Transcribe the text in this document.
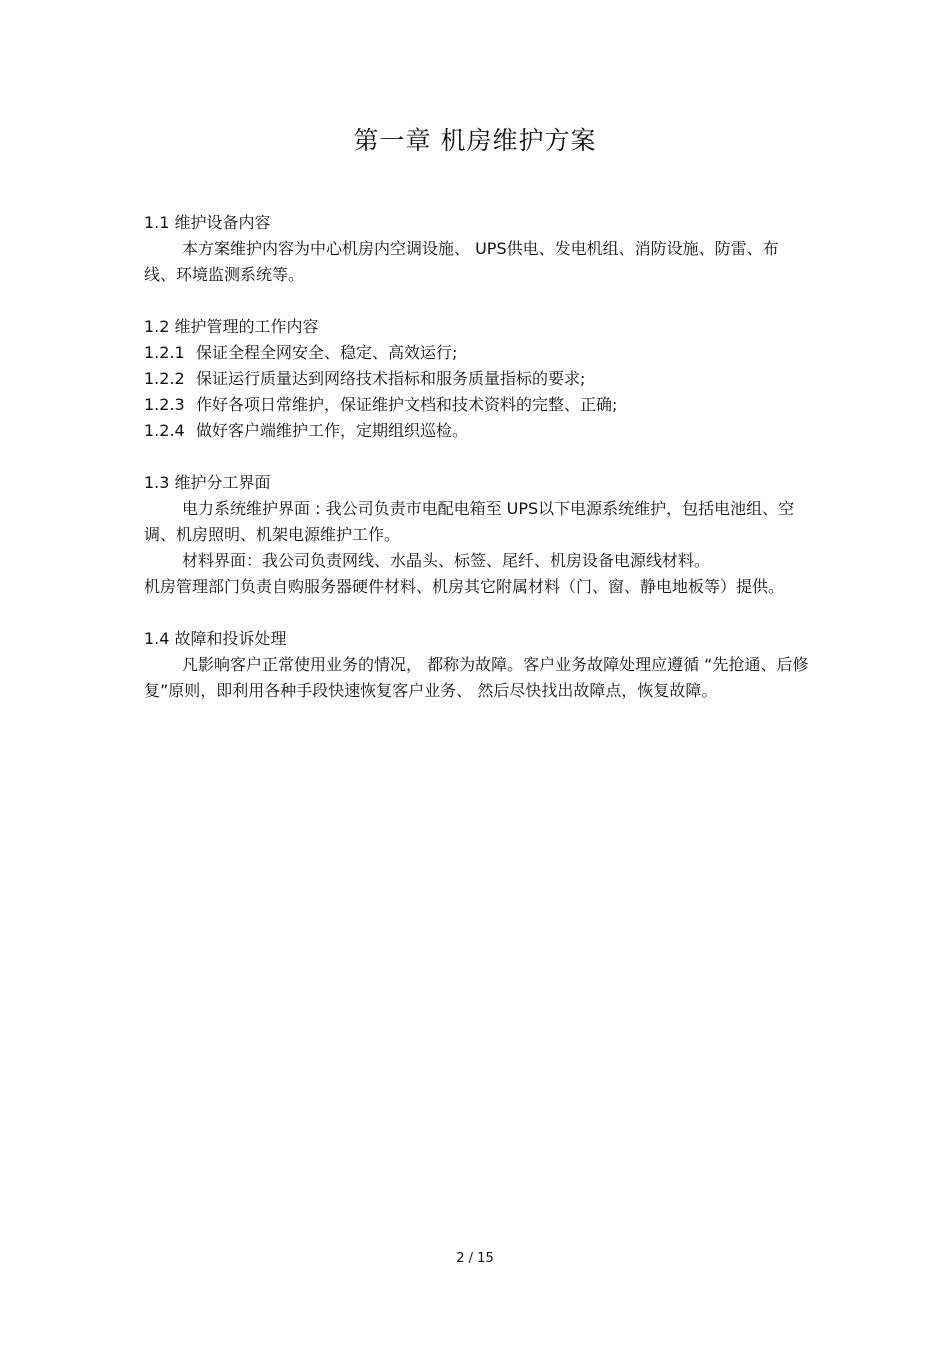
第一章 机房维护方案

1.1 维护设备内容

本方案维护内容为中心机房内空调设施、 UPS供电、发电机组、消防设施、防雷、布线、环境监测系统等。

1.2 维护管理的工作内容

1.2.1 保证全程全网安全、稳定、高效运行;

1.2.2 保证运行质量达到网络技术指标和服务质量指标的要求;

1.2.3 作好各项日常维护，保证维护文档和技术资料的完整、正确;

1.2.4 做好客户端维护工作，定期组织巡检。

1.3 维护分工界面

电力系统维护界面 : 我公司负责市电配电箱至 UPS以下电源系统维护，包括电池组、空调、机房照明、机架电源维护工作。

材料界面：我公司负责网线、水晶头、标签、尾纤、机房设备电源线材料。

机房管理部门负责自购服务器硬件材料、机房其它附属材料（门、窗、静电地板等）提供。

1.4 故障和投诉处理

凡影响客户正常使用业务的情况， 都称为故障。客户业务故障处理应遵循 “先抢通、后修复”原则，即利用各种手段快速恢复客户业务、 然后尽快找出故障点，恢复故障。

2 / 15
